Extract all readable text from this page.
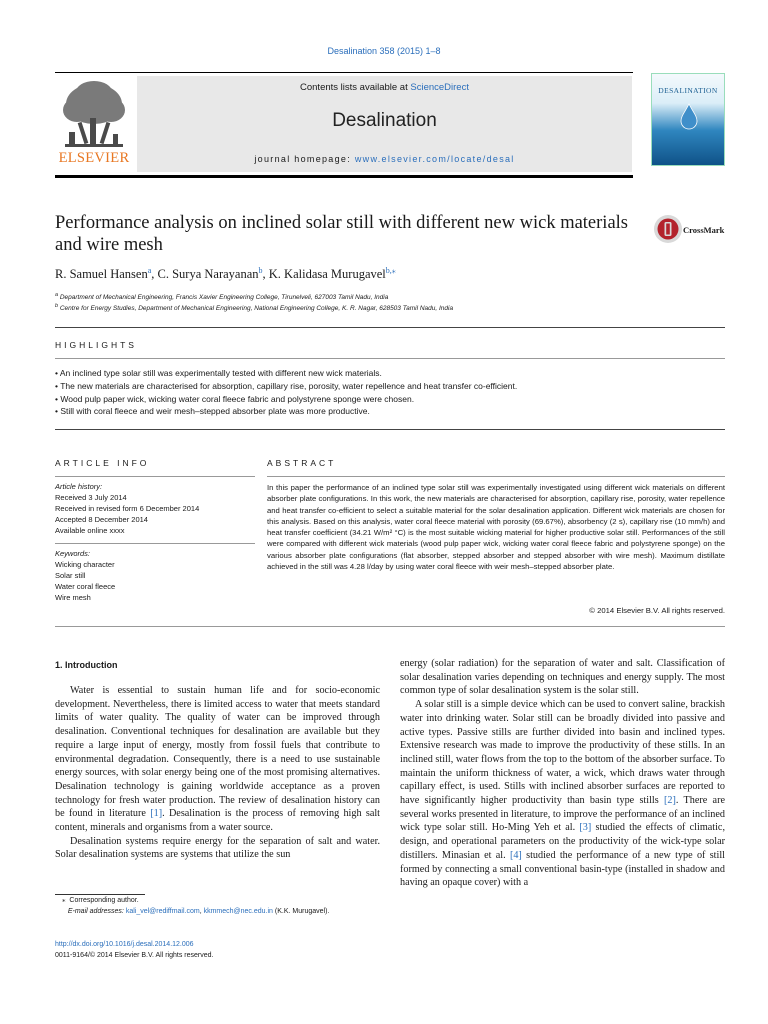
Desalination 358 (2015) 1–8
ELSEVIER
Contents lists available at ScienceDirect
Desalination
journal homepage: www.elsevier.com/locate/desal
DESALINATION
Performance analysis on inclined solar still with different new wick materials and wire mesh
CrossMark
R. Samuel Hansen$^a$, C. Surya Narayanan$^b$, K. Kalidasa Murugavel$^{b,⁎}$
$^a$ Department of Mechanical Engineering, Francis Xavier Engineering College, Tirunelveli, 627003 Tamil Nadu, India
$^b$ Centre for Energy Studies, Department of Mechanical Engineering, National Engineering College, K. R. Nagar, 628503 Tamil Nadu, India
HIGHLIGHTS
• An inclined type solar still was experimentally tested with different new wick materials.
• The new materials are characterised for absorption, capillary rise, porosity, water repellence and heat transfer co-efficient.
• Wood pulp paper wick, wicking water coral fleece fabric and polystyrene sponge were chosen.
• Still with coral fleece and weir mesh–stepped absorber plate was more productive.
ARTICLE INFO
Article history:
Received 3 July 2014
Received in revised form 6 December 2014
Accepted 8 December 2014
Available online xxxx
Keywords:
Wicking character
Solar still
Water coral fleece
Wire mesh
ABSTRACT
In this paper the performance of an inclined type solar still was experimentally investigated using different wick materials on different absorber plate configurations. In this work, the new materials are characterised for absorption, capillary rise, porosity, water repellence and heat transfer co-efficient to select a suitable material for the solar desalination application. Different wick materials are chosen for this analysis. Based on this analysis, water coral fleece material with porosity (69.67%), absorbency (2 s), capillary rise (10 mm/h) and heat transfer coefficient (34.21 W/m² °C) is the most suitable wicking material for higher productive solar still. Performances of the still were compared with different wick materials (wood pulp paper wick, wicking water coral fleece fabric and polystyrene sponge) on the various absorber plate configurations (flat absorber, stepped absorber and stepped absorber with wire mesh). Maximum distillate achieved in the still was 4.28 l/day by using water coral fleece with weir mesh–stepped absorber plate.
© 2014 Elsevier B.V. All rights reserved.
1. Introduction

Water is essential to sustain human life and for socio-economic development. Nevertheless, there is limited access to water that meets standard limits of water quality. The quality of water can be improved through desalination. Conventional techniques for desalination are available but they require a large input of energy, mostly from fossil fuels that contribute to environmental degradation. Consequently, there is a need to use sustainable energy sources, with solar energy being one of the most promising alternatives. Desalination technology is gaining worldwide acceptance as a proven technology for fresh water production. The review of desalination history can be found in literature [1]. Desalination is the process of removing high salt content, minerals and organisms from a water source.

Desalination systems require energy for the separation of salt and water. Solar desalination systems are systems that utilize the sun

energy (solar radiation) for the separation of water and salt. Classification of solar desalination varies depending on techniques and energy supply. The most common type of solar desalination system is the solar still.

A solar still is a simple device which can be used to convert saline, brackish water into drinking water. Solar still can be broadly divided into passive and active types. Passive stills are further divided into basin and inclined types. Extensive research was made to improve the productivity of these stills. In an inclined still, water flows from the top to the bottom of the absorber surface. To maintain the uniform thickness of water, a wick, which draws water through capillary effect, is used. Stills with inclined absorber surfaces are reported to have significantly higher productivity than basin type stills [2]. There are several works presented in literature, to improve the performance of an inclined wick type solar still. Ho-Ming Yeh et al. [3] studied the effects of climatic, design, and operational parameters on the productivity of the wick-type solar distillers. Minasian et al. [4] studied the performance of a new type of still formed by connecting a small conventional basin-type (installed in shadow and having an opaque cover) with a

⁎ Corresponding author.
E-mail addresses: kali_vel@rediffmail.com, kkmmech@nec.edu.in (K.K. Murugavel).
http://dx.doi.org/10.1016/j.desal.2014.12.006
0011-9164/© 2014 Elsevier B.V. All rights reserved.
